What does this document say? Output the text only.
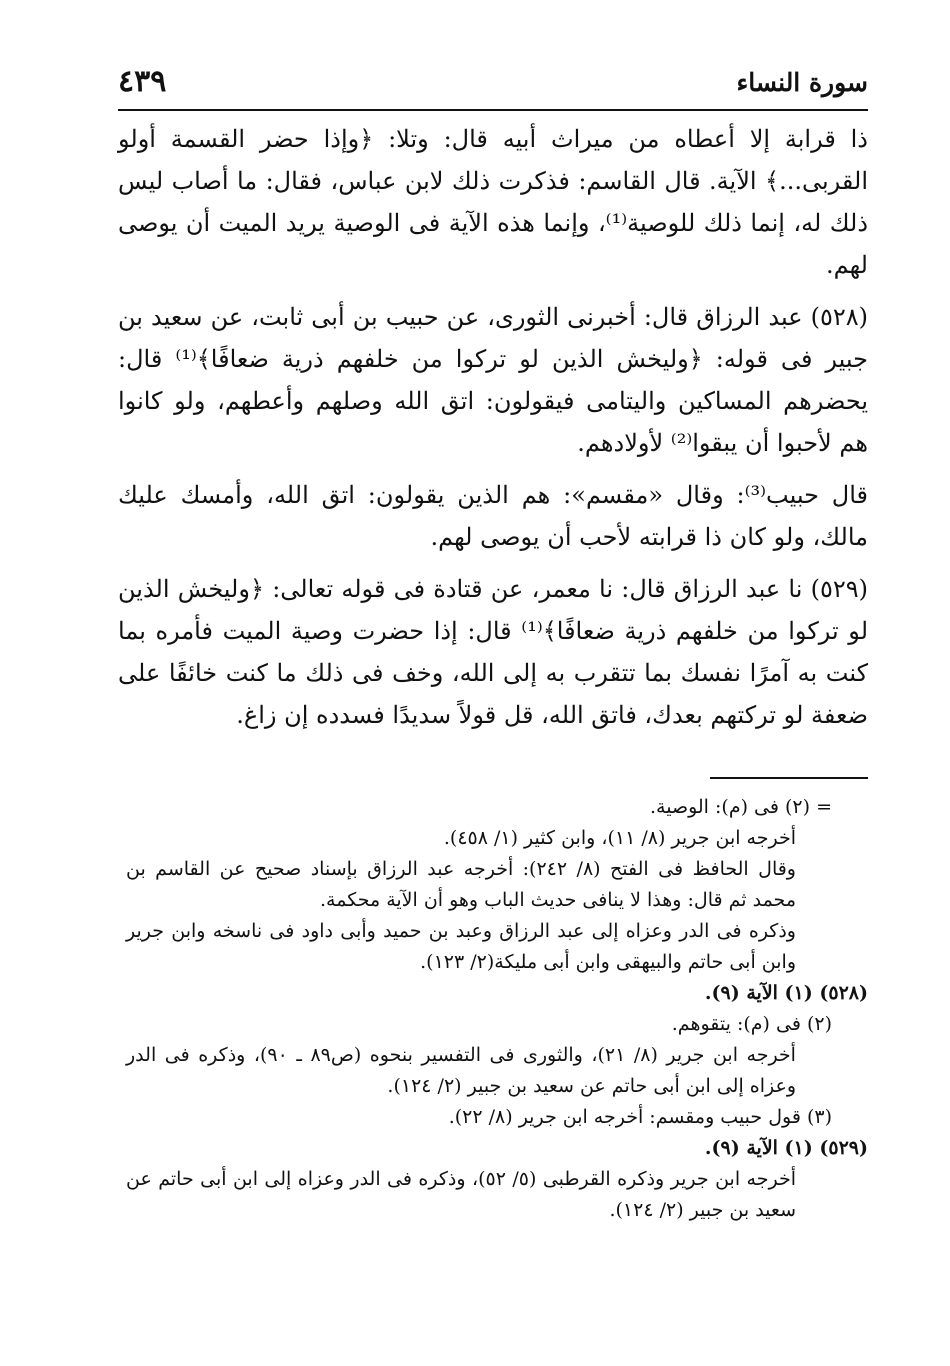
سورة النساء
٤٣٩

ذا قرابة إلا أعطاه من ميراث أبيه قال: وتلا: ﴿وإذا حضر القسمة أولو القربى...﴾ الآية. قال القاسم: فذكرت ذلك لابن عباس، فقال: ما أصاب ليس ذلك له، إنما ذلك للوصية⁽¹⁾، وإنما هذه الآية فى الوصية يريد الميت أن يوصى لهم.

(٥٢٨) عبد الرزاق قال: أخبرنى الثورى، عن حبيب بن أبى ثابت، عن سعيد بن جبير فى قوله: ﴿وليخش الذين لو تركوا من خلفهم ذرية ضعافًا﴾⁽¹⁾ قال: يحضرهم المساكين واليتامى فيقولون: اتق الله وصلهم وأعطهم، ولو كانوا هم لأحبوا أن يبقوا⁽²⁾ لأولادهم.

قال حبيب⁽³⁾: وقال «مقسم»: هم الذين يقولون: اتق الله، وأمسك عليك مالك، ولو كان ذا قرابته لأحب أن يوصى لهم.

(٥٢٩) نا عبد الرزاق قال: نا معمر، عن قتادة فى قوله تعالى: ﴿وليخش الذين لو تركوا من خلفهم ذرية ضعافًا﴾⁽¹⁾ قال: إذا حضرت وصية الميت فأمره بما كنت به آمرًا نفسك بما تتقرب به إلى الله، وخف فى ذلك ما كنت خائفًا على ضعفة لو تركتهم بعدك، فاتق الله، قل قولاً سديدًا فسدده إن زاغ.

= (٢) فى (م): الوصية.

أخرجه ابن جرير (٨/ ١١)، وابن كثير (١/ ٤٥٨).

وقال الحافظ فى الفتح (٨/ ٢٤٢): أخرجه عبد الرزاق بإسناد صحيح عن القاسم بن محمد ثم قال: وهذا لا ينافى حديث الباب وهو أن الآية محكمة.

وذكره فى الدر وعزاه إلى عبد الرزاق وعبد بن حميد وأبى داود فى ناسخه وابن جرير وابن أبى حاتم والبيهقى وابن أبى مليكة(٢/ ١٢٣).

(٥٢٨) (١) الآية (٩).

(٢) فى (م): يتقوهم.

أخرجه ابن جرير (٨/ ٢١)، والثورى فى التفسير بنحوه (ص٨٩ ـ ٩٠)، وذكره فى الدر وعزاه إلى ابن أبى حاتم عن سعيد بن جبير (٢/ ١٢٤).

(٣) قول حبيب ومقسم: أخرجه ابن جرير (٨/ ٢٢).

(٥٢٩) (١) الآية (٩).

أخرجه ابن جرير وذكره القرطبى (٥/ ٥٢)، وذكره فى الدر وعزاه إلى ابن أبى حاتم عن سعيد بن جبير (٢/ ١٢٤).
